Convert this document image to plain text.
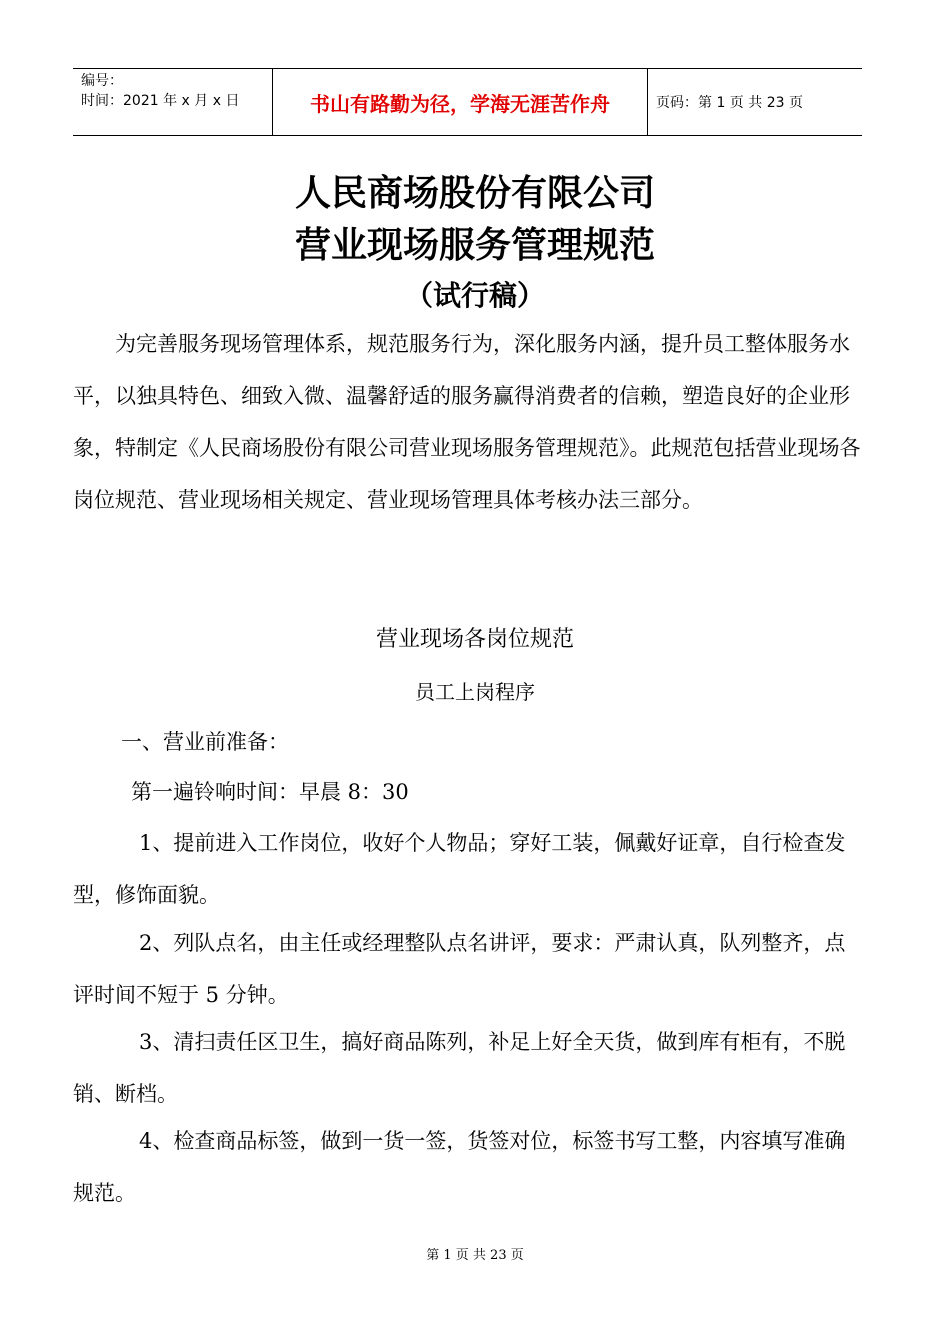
编号：
时间：2021 年 x 月 x 日	书山有路勤为径，学海无涯苦作舟	页码：第 1 页 共 23 页
人民商场股份有限公司
营业现场服务管理规范
（试行稿）
为完善服务现场管理体系，规范服务行为，深化服务内涵，提升员工整体服务水平，以独具特色、细致入微、温馨舒适的服务赢得消费者的信赖，塑造良好的企业形象，特制定《人民商场股份有限公司营业现场服务管理规范》。此规范包括营业现场各岗位规范、营业现场相关规定、营业现场管理具体考核办法三部分。
营业现场各岗位规范
员工上岗程序
一、营业前准备：
第一遍铃响时间：早晨 8：30
1、提前进入工作岗位，收好个人物品；穿好工装，佩戴好证章，自行检查发型，修饰面貌。
2、列队点名，由主任或经理整队点名讲评，要求：严肃认真，队列整齐，点评时间不短于 5 分钟。
3、清扫责任区卫生，搞好商品陈列，补足上好全天货，做到库有柜有，不脱销、断档。
4、检查商品标签，做到一货一签，货签对位，标签书写工整，内容填写准确规范。
第 1 页 共 23 页
